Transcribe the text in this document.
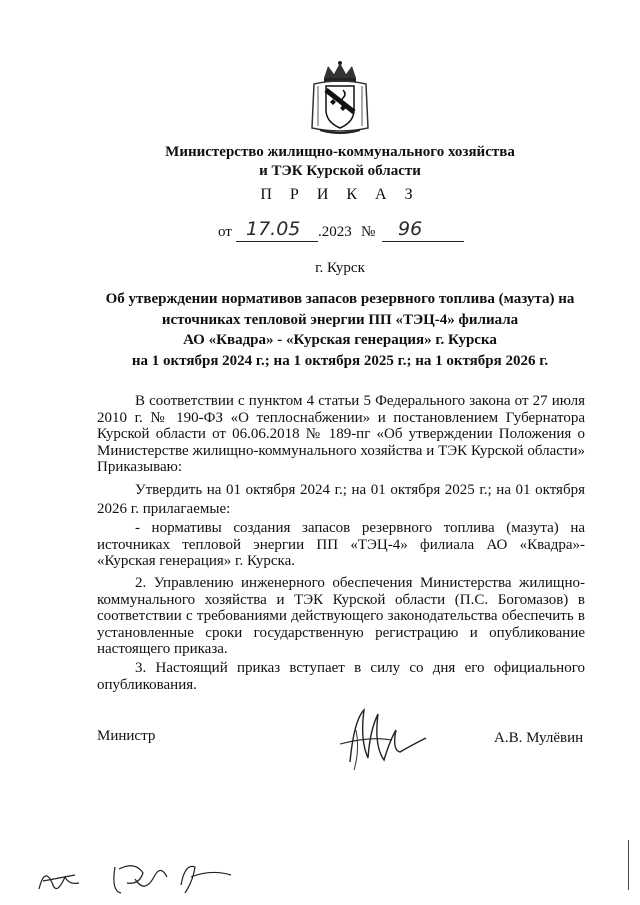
Министерство жилищно-коммунального хозяйства
и ТЭК Курской области
П Р И К А З
от 17.05 .2023 № 96
г. Курск
Об утверждении нормативов запасов резервного топлива (мазута) на
источниках тепловой энергии ПП «ТЭЦ-4» филиала
АО «Квадра» - «Курская генерация» г. Курска
на 1 октября 2024 г.; на 1 октября 2025 г.; на 1 октября 2026 г.
В соответствии с пунктом 4 статьи 5 Федерального закона от 27 июля 2010 г. № 190-ФЗ «О теплоснабжении» и постановлением Губернатора Курской области от 06.06.2018 № 189-пг «Об утверждении Положения о Министерстве жилищно-коммунального хозяйства и ТЭК Курской области» Приказываю:
Утвердить на 01 октября 2024 г.; на 01 октября 2025 г.; на 01 октября 2026 г. прилагаемые:
- нормативы создания запасов резервного топлива (мазута) на источниках тепловой энергии ПП «ТЭЦ-4» филиала АО «Квадра»- «Курская генерация» г. Курска.
2. Управлению инженерного обеспечения Министерства жилищно-коммунального хозяйства и ТЭК Курской области (П.С. Богомазов) в соответствии с требованиями действующего законодательства обеспечить в установленные сроки государственную регистрацию и опубликование настоящего приказа.
3. Настоящий приказ вступает в силу со дня его официального опубликования.
Министр	А.В. Мулёвин
